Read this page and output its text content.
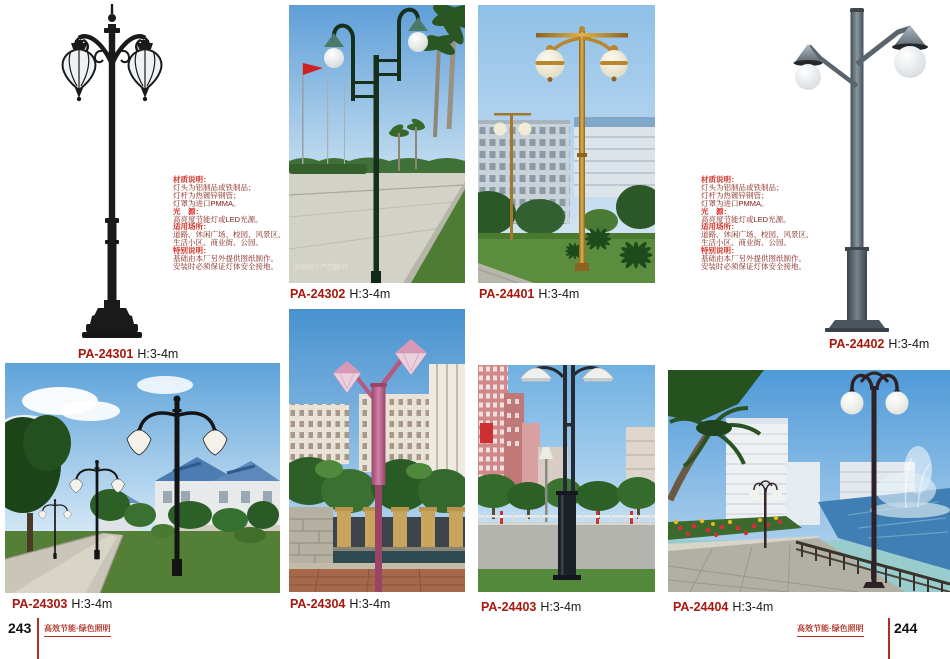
原创图片严禁翻印!
材质说明：
灯头为铝制品或铁制品；
灯杆为热镀锌钢管；
灯罩为进口PMMA。
光　源：
高亮度节能灯或LED光源。
适用场所：
道路、休闲广场、校园、风景区、
生活小区、商业街、公园。
特别说明：
基础由本厂另外提供图纸制作。
安装时必须保证灯体安全接地。
材质说明：
灯头为铝制品或铁制品；
灯杆为热镀锌钢管；
灯罩为进口PMMA。
光　源：
高亮度节能灯或LED光源。
适用场所：
道路、休闲广场、校园、风景区、
生活小区、商业街、公园。
特别说明：
基础由本厂另外提供图纸制作。
安装时必须保证灯体安全接地。
PA-24301 H:3-4m
PA-24302 H:3-4m	PA-24401 H:3-4m
PA-24402 H:3-4m
PA-24303 H:3-4m	PA-24304 H:3-4m	PA-24403 H:3-4m	PA-24404 H:3-4m
243 高效节能·绿色照明	高效节能·绿色照明 244
